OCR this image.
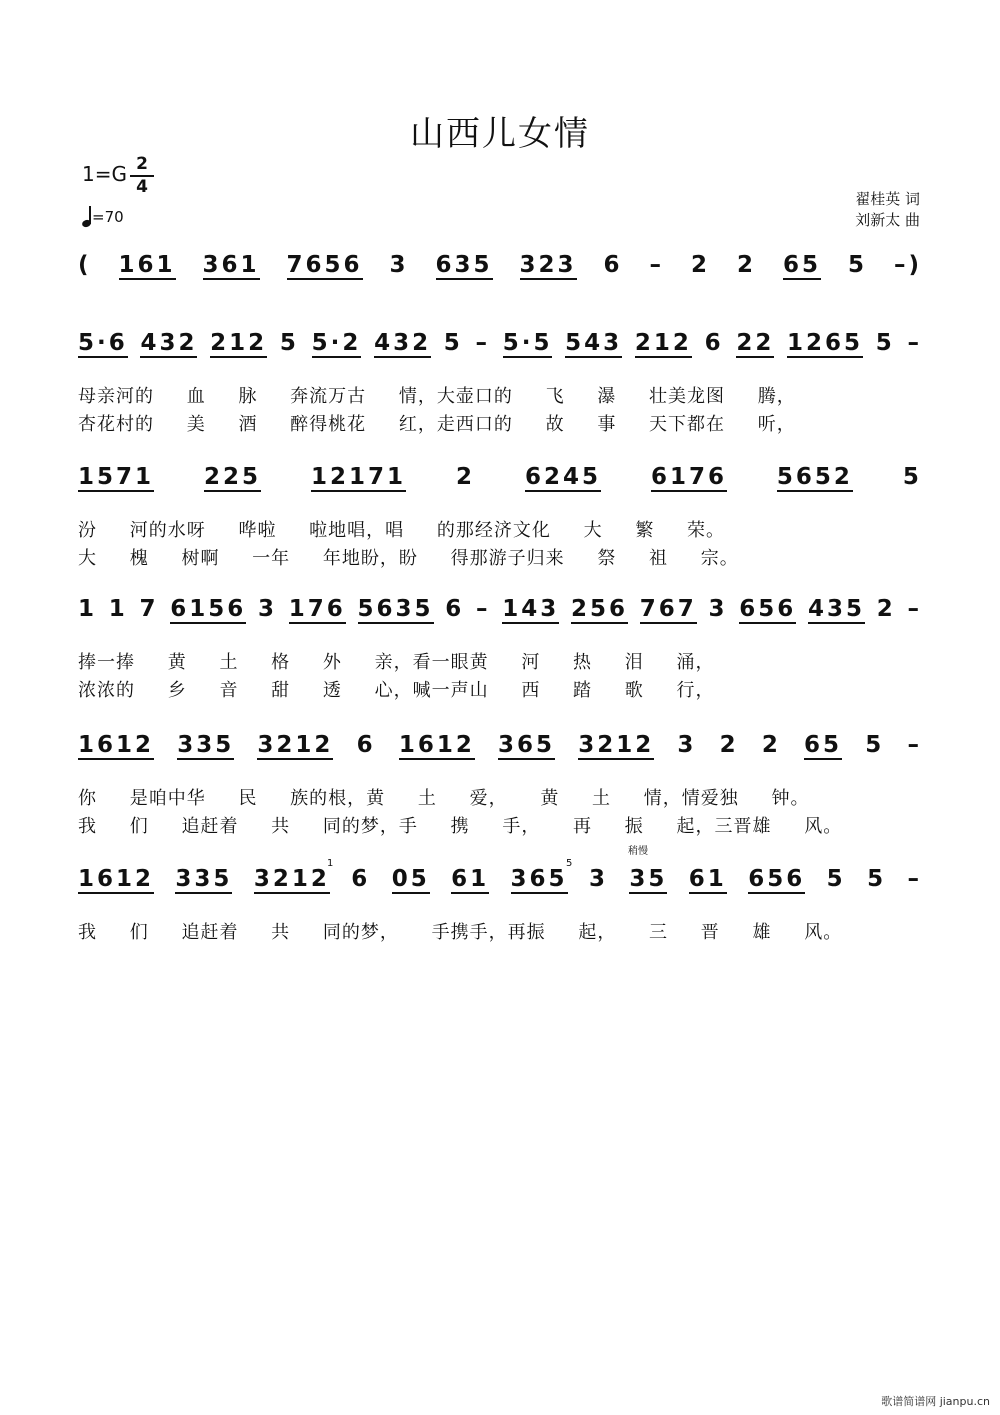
山西儿女情
1=G 2
4
=70
翟桂英 词
刘新太 曲
( 161 361 7656 3 635 323 6 – 2 2 65 5 –)
5·6 432 212 5 5·2 432 5 – 5·5 543 212 6 22 1265 5 –
母亲河的 血 脉 奔流万古 情，大壶口的 飞 瀑 壮美龙图 腾，
杏花村的 美 酒 醉得桃花 红，走西口的 故 事 天下都在 听，
1571 225 12171 2 6245 6176 5652 5
汾 河的水呀 哗啦 啦地唱，唱 的那经济文化 大 繁 荣。
大 槐 树啊 一年 年地盼，盼 得那游子归来 祭 祖 宗。
1 1 7 6156 3 176 5635 6 – 143 256 767 3 656 435 2 –
捧一捧 黄 土 格 外 亲，看一眼黄 河 热 泪 涌，
浓浓的 乡 音 甜 透 心，喊一声山 西 踏 歌 行，
1612 335 3212 6 1612 365 3212 3 2 2 65 5 –
你 是咱中华 民 族的根，黄 土 爱， 黄 土 情，情爱独 钟。
我 们 追赶着 共 同的梦，手 携 手， 再 振 起，三晋雄 风。
1612 335 3212 6 05 61 365 3 35 61 656 5 5 –
我 们 追赶着 共 同的梦， 手携手，再振 起， 三 晋 雄 风。
稍慢
5
1
歌谱简谱网 jianpu.cn
